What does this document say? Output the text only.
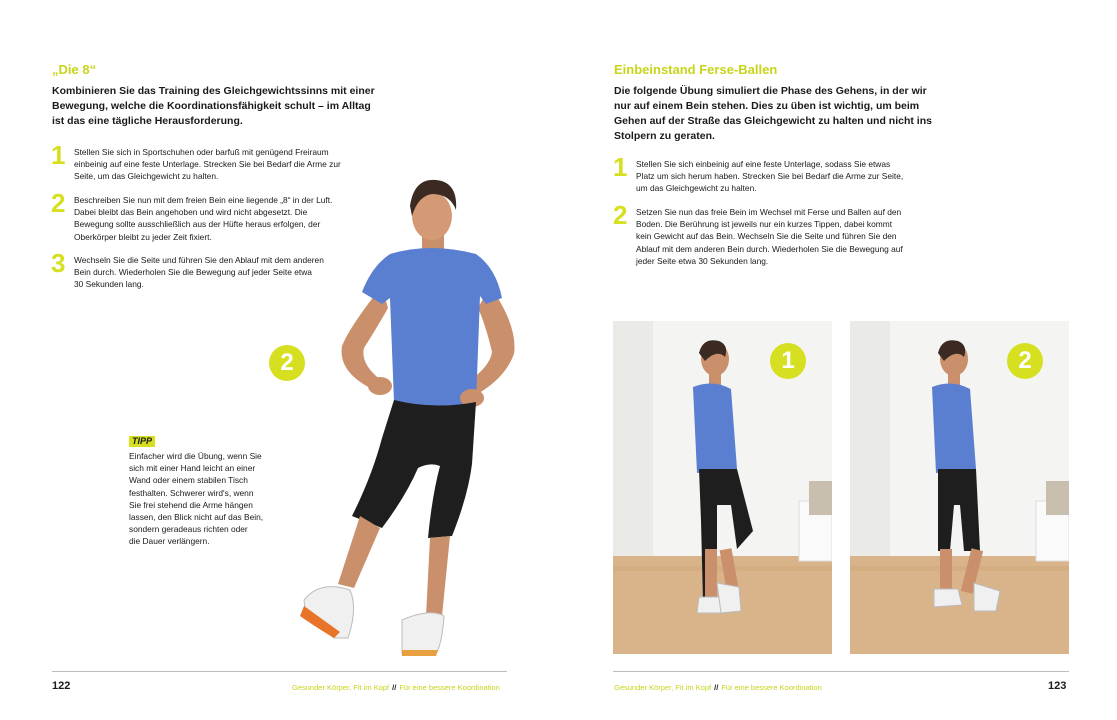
„Die 8“
Kombinieren Sie das Training des Gleichgewichtssinns mit einer
Bewegung, welche die Koordinationsfähigkeit schult – im Alltag
ist das eine tägliche Herausforderung.
1 Stellen Sie sich in Sportschuhen oder barfuß mit genügend Freiraum
einbeinig auf eine feste Unterlage. Strecken Sie bei Bedarf die Arme zur
Seite, um das Gleichgewicht zu halten.
2 Beschreiben Sie nun mit dem freien Bein eine liegende „8“ in der Luft.
Dabei bleibt das Bein angehoben und wird nicht abgesetzt. Die
Bewegung sollte ausschließlich aus der Hüfte heraus erfolgen, der
Oberkörper bleibt zu jeder Zeit fixiert.
3 Wechseln Sie die Seite und führen Sie den Ablauf mit dem anderen
Bein durch. Wiederholen Sie die Bewegung auf jeder Seite etwa
30 Sekunden lang.
2
TIPP
Einfacher wird die Übung, wenn Sie
sich mit einer Hand leicht an einer
Wand oder einem stabilen Tisch
festhalten. Schwerer wird's, wenn
Sie frei stehend die Arme hängen
lassen, den Blick nicht auf das Bein,
sondern geradeaus richten oder
die Dauer verlängern.
122	Gesunder Körper, Fit im Kopf // Für eine bessere Koordination
Einbeinstand Ferse-Ballen
Die folgende Übung simuliert die Phase des Gehens, in der wir
nur auf einem Bein stehen. Dies zu üben ist wichtig, um beim
Gehen auf der Straße das Gleichgewicht zu halten und nicht ins
Stolpern zu geraten.
1 Stellen Sie sich einbeinig auf eine feste Unterlage, sodass Sie etwas
Platz um sich herum haben. Strecken Sie bei Bedarf die Arme zur Seite,
um das Gleichgewicht zu halten.
2 Setzen Sie nun das freie Bein im Wechsel mit Ferse und Ballen auf den
Boden. Die Berührung ist jeweils nur ein kurzes Tippen, dabei kommt
kein Gewicht auf das Bein. Wechseln Sie die Seite und führen Sie den
Ablauf mit dem anderen Bein durch. Wiederholen Sie die Bewegung auf
jeder Seite etwa 30 Sekunden lang.
1	2
Gesunder Körper, Fit im Kopf // Für eine bessere Koordination	123
